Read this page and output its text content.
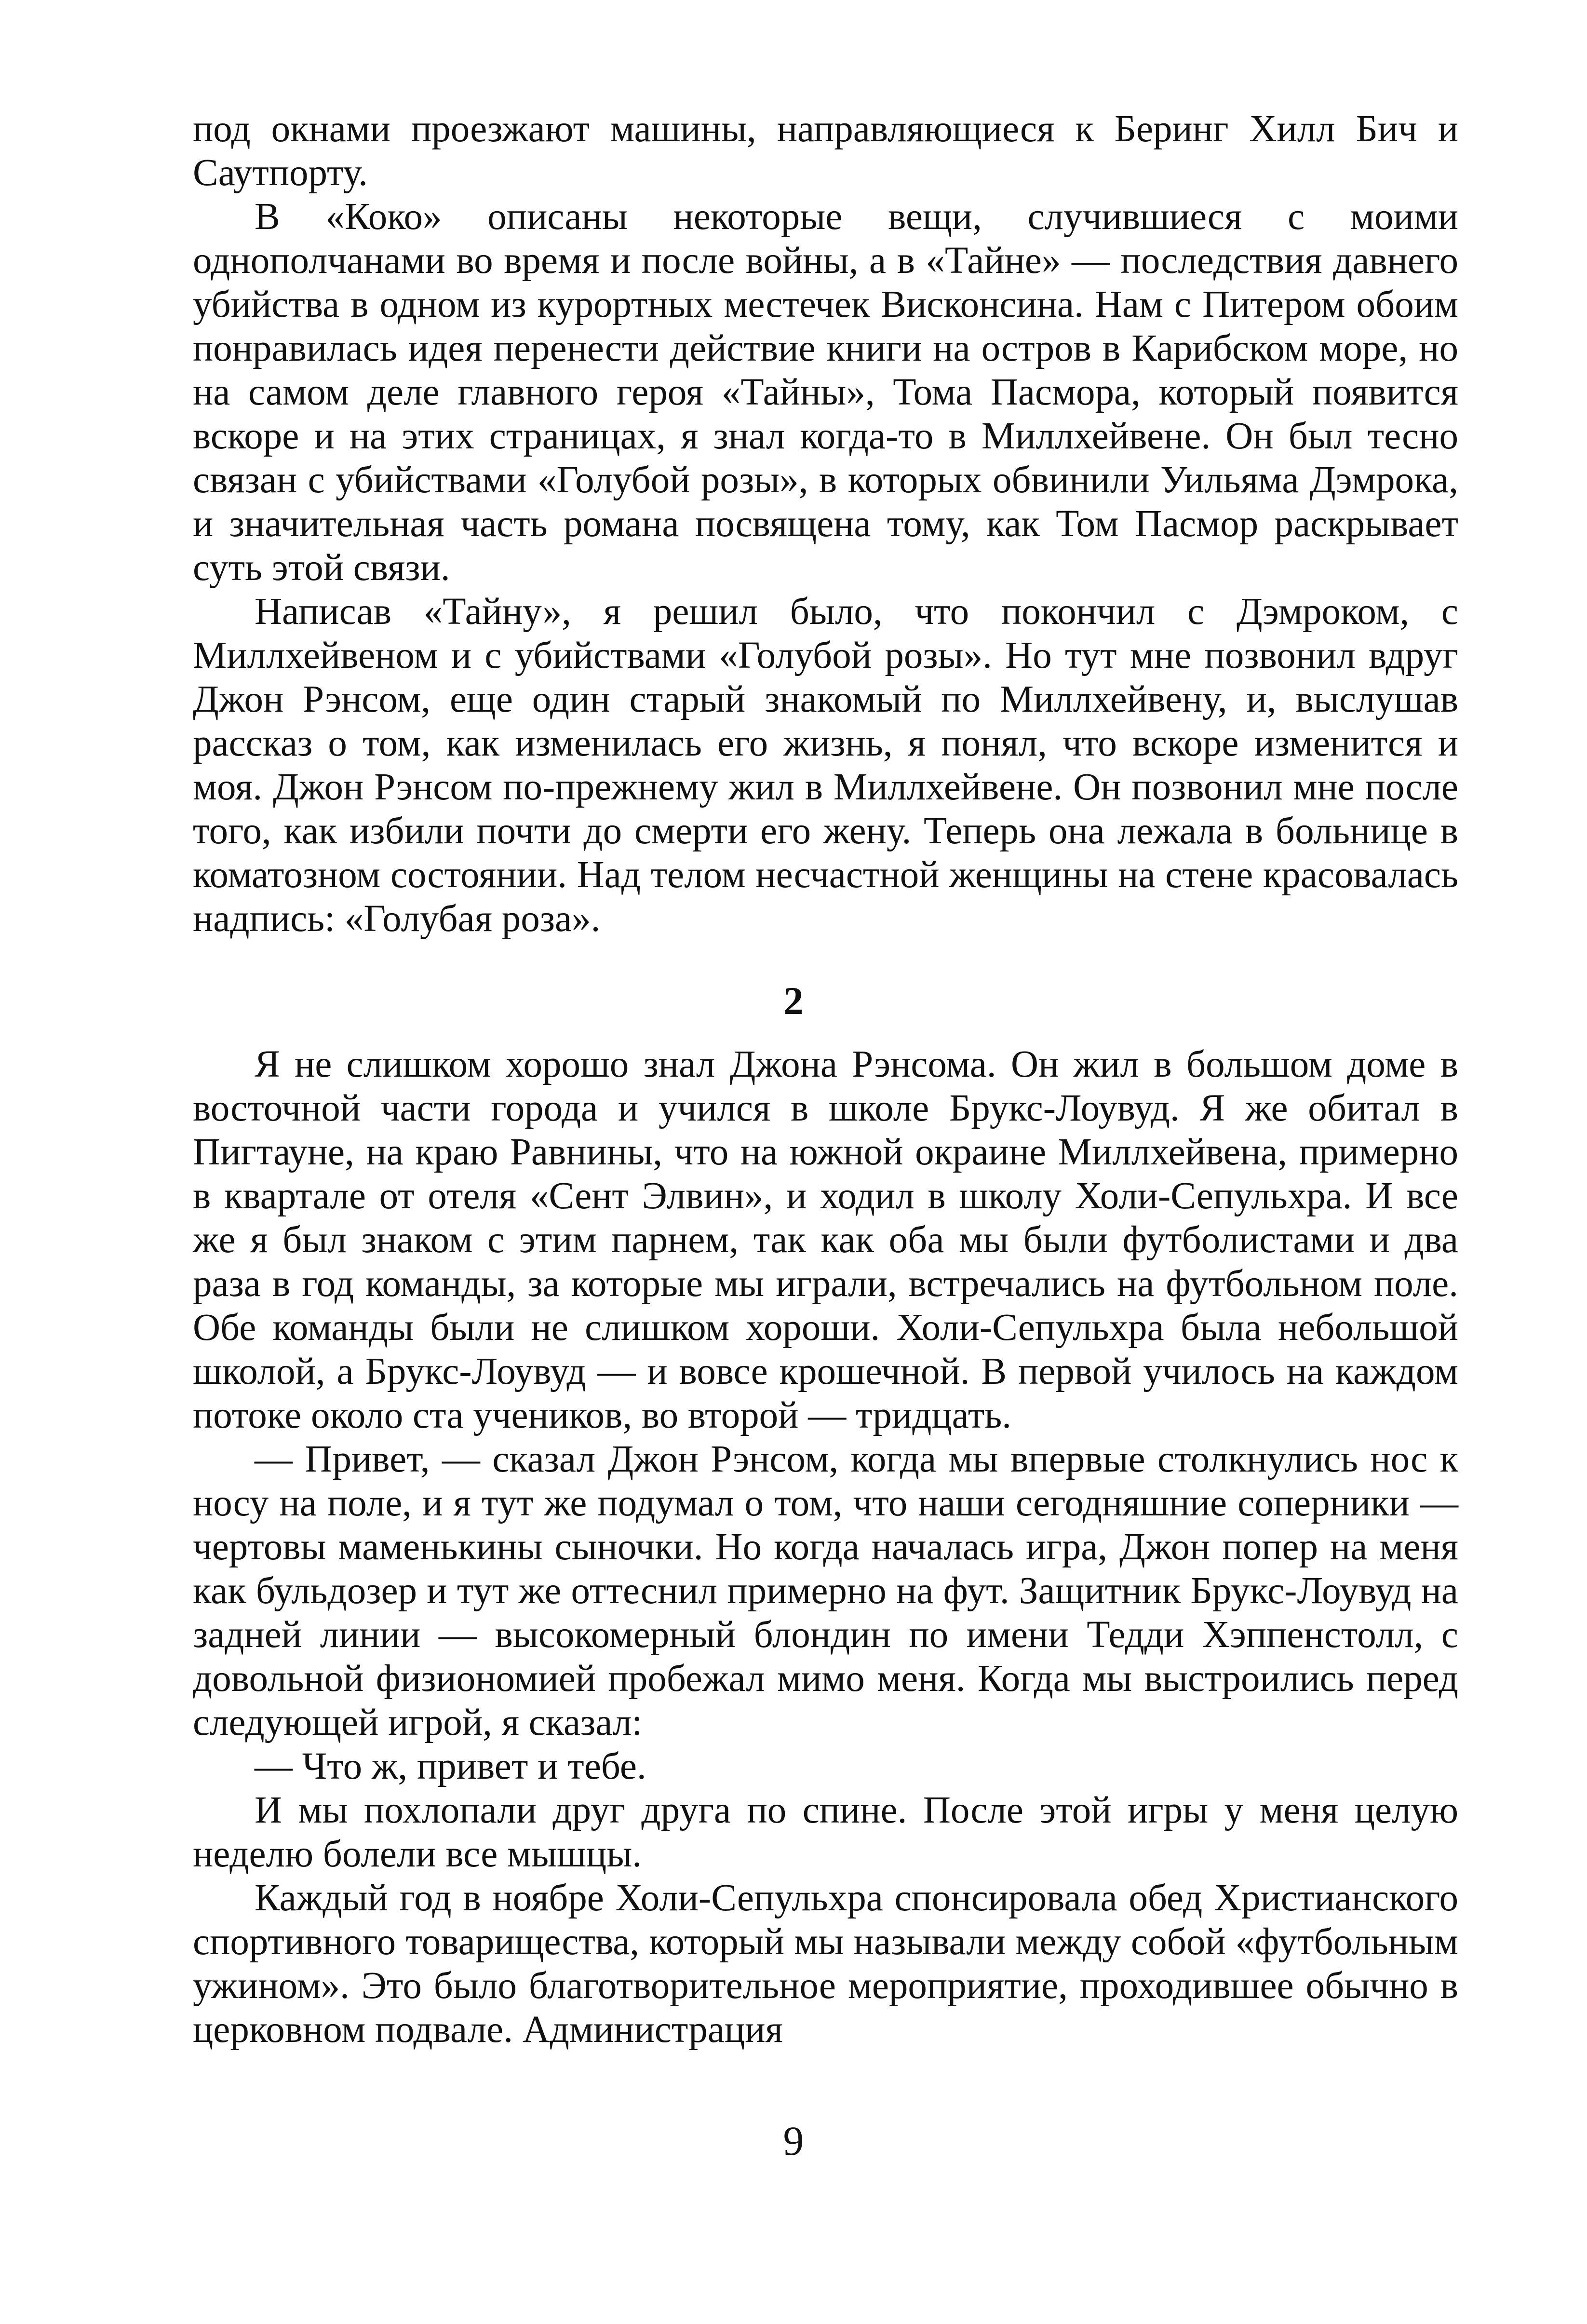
под окнами проезжают машины, направляющиеся к Беринг Хилл Бич и Саутпорту.

В «Коко» описаны некоторые вещи, случившиеся с моими однополчанами во время и после войны, а в «Тайне» — последствия давнего убийства в одном из курортных местечек Висконсина. Нам с Питером обоим понравилась идея перенести действие книги на остров в Карибском море, но на самом деле главного героя «Тайны», Тома Пасмора, который появится вскоре и на этих страницах, я знал когда-то в Миллхейвене. Он был тесно связан с убийствами «Голубой розы», в которых обвинили Уильяма Дэмрока, и значительная часть романа посвящена тому, как Том Пасмор раскрывает суть этой связи.

Написав «Тайну», я решил было, что покончил с Дэмроком, с Миллхейвеном и с убийствами «Голубой розы». Но тут мне позвонил вдруг Джон Рэнсом, еще один старый знакомый по Миллхейвену, и, выслушав рассказ о том, как изменилась его жизнь, я понял, что вскоре изменится и моя. Джон Рэнсом по-прежнему жил в Миллхейвене. Он позвонил мне после того, как избили почти до смерти его жену. Теперь она лежала в больнице в коматозном состоянии. Над телом несчастной женщины на стене красовалась надпись: «Голубая роза».

2

Я не слишком хорошо знал Джона Рэнсома. Он жил в большом доме в восточной части города и учился в школе Брукс-Лоувуд. Я же обитал в Пигтауне, на краю Равнины, что на южной окраине Миллхейвена, примерно в квартале от отеля «Сент Элвин», и ходил в школу Холи-Сепульхра. И все же я был знаком с этим парнем, так как оба мы были футболистами и два раза в год команды, за которые мы играли, встречались на футбольном поле. Обе команды были не слишком хороши. Холи-Сепульхра была небольшой школой, а Брукс-Лоувуд — и вовсе крошечной. В первой училось на каждом потоке около ста учеников, во второй — тридцать.

— Привет, — сказал Джон Рэнсом, когда мы впервые столкнулись нос к носу на поле, и я тут же подумал о том, что наши сегодняшние соперники — чертовы маменькины сыночки. Но когда началась игра, Джон попер на меня как бульдозер и тут же оттеснил примерно на фут. Защитник Брукс-Лоувуд на задней линии — высокомерный блондин по имени Тедди Хэппенстолл, с довольной физиономией пробежал мимо меня. Когда мы выстроились перед следующей игрой, я сказал:

— Что ж, привет и тебе.

И мы похлопали друг друга по спине. После этой игры у меня целую неделю болели все мышцы.

Каждый год в ноябре Холи-Сепульхра спонсировала обед Христианского спортивного товарищества, который мы называли между собой «футбольным ужином». Это было благотворительное мероприятие, проходившее обычно в церковном подвале. Администрация

9
